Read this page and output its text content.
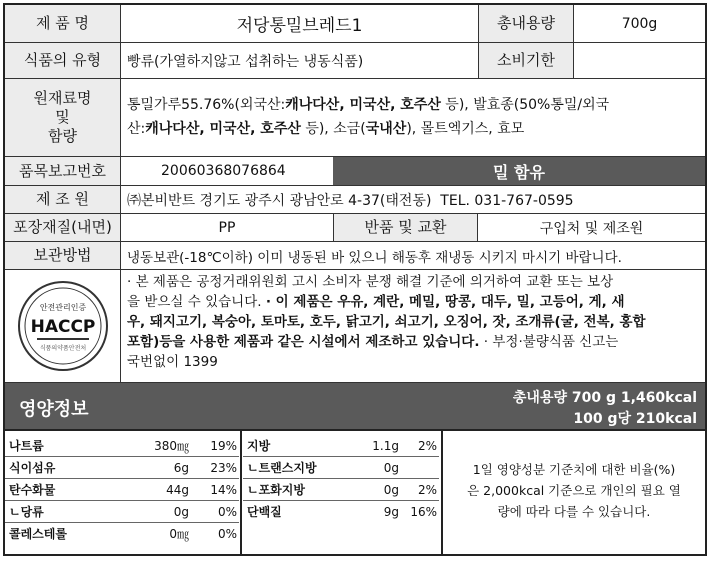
제 품 명	저당통밀브레드1	총내용량	700g
식품의 유형	빵류(가열하지않고 섭취하는 냉동식품)	소비기한
원재료명
및
함량
통밀가루55.76%(외국산:캐나다산, 미국산, 호주산 등), 발효종(50%통밀/외국
산:캐나다산, 미국산, 호주산 등), 소금(국내산), 몰트엑기스, 효모
품목보고번호	20060368076864	밀 함유
제 조 원	㈜본비반트 경기도 광주시 광남안로 4-37(태전동)  TEL. 031-767-0595
포장재질(내면)	PP	반품 및 교환	구입처 및 제조원
보관방법	냉동보관(-18℃이하) 이미 냉동된 바 있으니 해동후 재냉동 시키지 마시기 바랍니다.
안전관리인증
HACCP
식품의약품안전처
· 본 제품은 공정거래위원회 고시 소비자 분쟁 해결 기준에 의거하여 교환 또는 보상
을 받으실 수 있습니다. · 이 제품은 우유, 계란, 메밀, 땅콩, 대두, 밀, 고등어, 게, 새
우, 돼지고기, 복숭아, 토마토, 호두, 닭고기, 쇠고기, 오징어, 잣, 조개류(굴, 전복, 홍합
포함)등을 사용한 제품과 같은 시설에서 제조하고 있습니다. · 부정·불량식품 신고는
국번없이 1399
영양정보
총내용량 700 g 1,460kcal
100 g당 210kcal
나트륨	380㎎	19%
식이섬유	6g	23%
탄수화물	44g	14%
ㄴ당류	0g	0%
콜레스테롤	0㎎	0%
지방	1.1g	2%
ㄴ트랜스지방	0g
ㄴ포화지방	0g	2%
단백질	9g 16%
1일 영양성분 기준치에 대한 비율(%)
은 2,000kcal 기준으로 개인의 필요 열
량에 따라 다를 수 있습니다.
